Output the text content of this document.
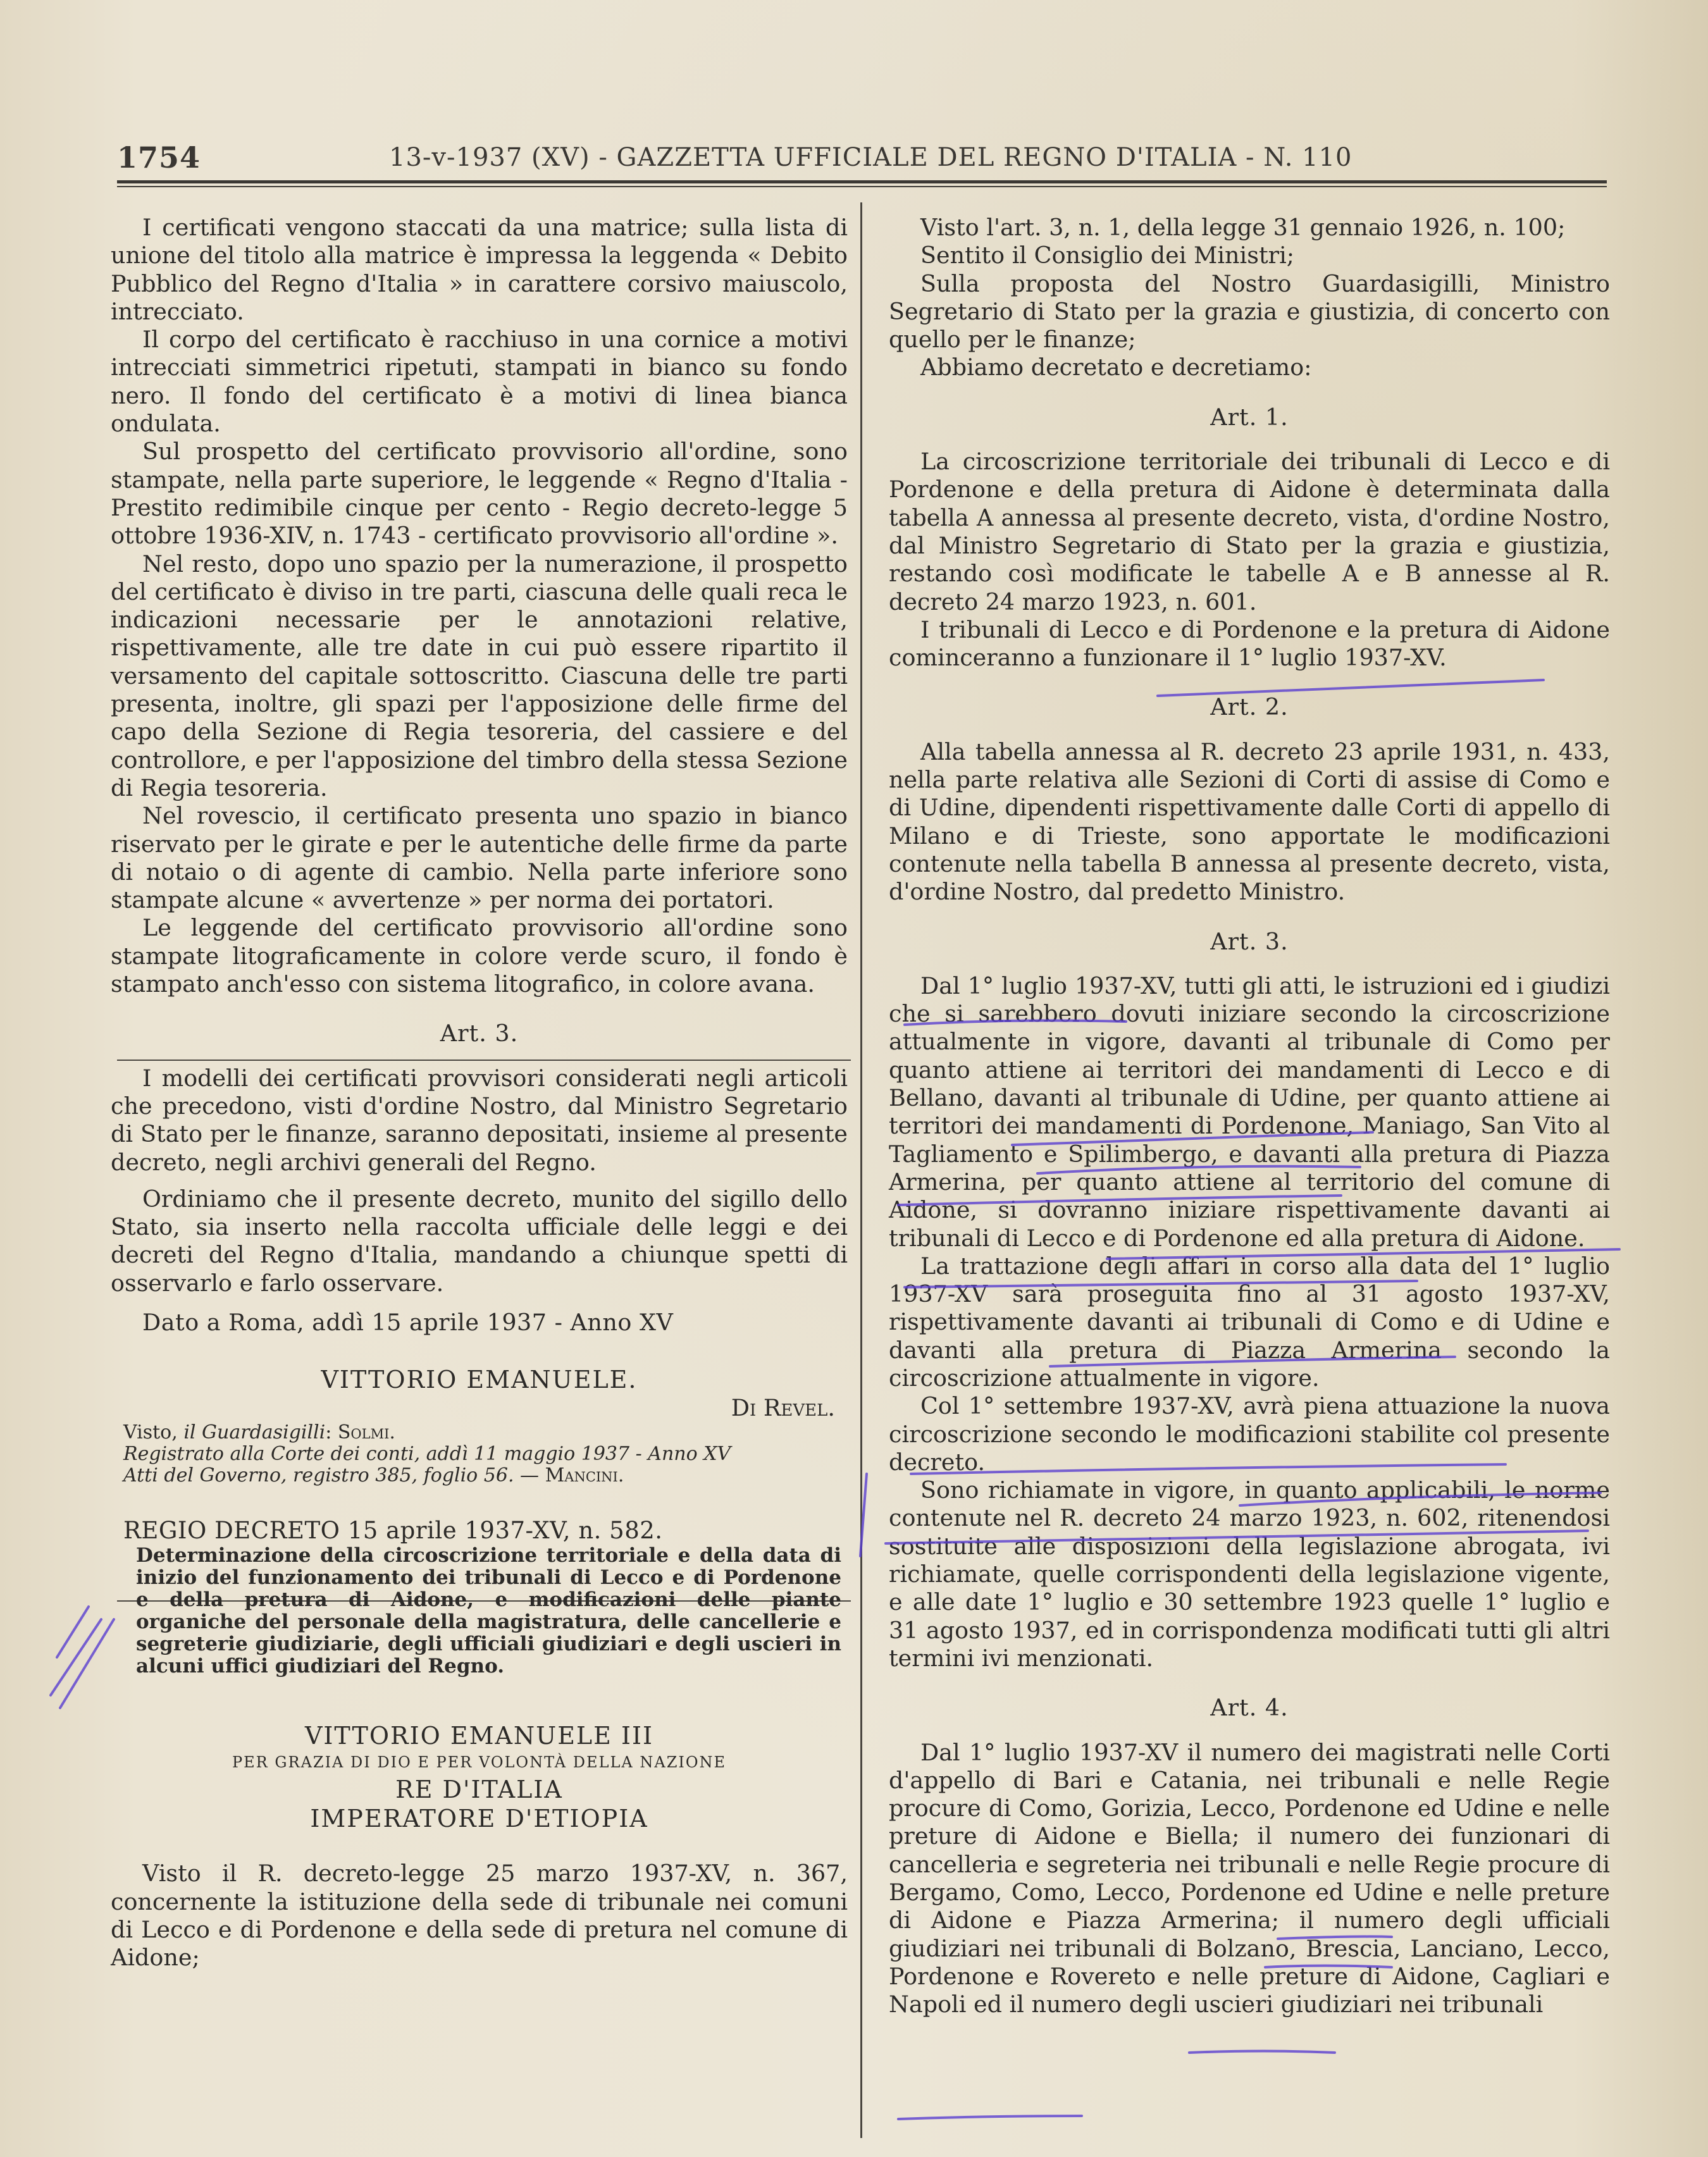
1754	13-v-1937 (XV) - GAZZETTA UFFICIALE DEL REGNO D'ITALIA - N. 110

I certificati vengono staccati da una matrice; sulla lista di unione del titolo alla matrice è impressa la leggenda « Debito Pubblico del Regno d'Italia » in carattere corsivo maiuscolo, intrecciato.

Il corpo del certificato è racchiuso in una cornice a motivi intrecciati simmetrici ripetuti, stampati in bianco su fondo nero. Il fondo del certificato è a motivi di linea bianca ondulata.

Sul prospetto del certificato provvisorio all'ordine, sono stampate, nella parte superiore, le leggende « Regno d'Italia - Prestito redimibile cinque per cento - Regio decreto-legge 5 ottobre 1936-XIV, n. 1743 - certificato provvisorio all'ordine ».

Nel resto, dopo uno spazio per la numerazione, il prospetto del certificato è diviso in tre parti, ciascuna delle quali reca le indicazioni necessarie per le annotazioni relative, rispettivamente, alle tre date in cui può essere ripartito il versamento del capitale sottoscritto. Ciascuna delle tre parti presenta, inoltre, gli spazi per l'apposizione delle firme del capo della Sezione di Regia tesoreria, del cassiere e del controllore, e per l'apposizione del timbro della stessa Sezione di Regia tesoreria.

Nel rovescio, il certificato presenta uno spazio in bianco riservato per le girate e per le autentiche delle firme da parte di notaio o di agente di cambio. Nella parte inferiore sono stampate alcune « avvertenze » per norma dei portatori.

Le leggende del certificato provvisorio all'ordine sono stampate litograficamente in colore verde scuro, il fondo è stampato anch'esso con sistema litografico, in colore avana.

Art. 3.

I modelli dei certificati provvisori considerati negli articoli che precedono, visti d'ordine Nostro, dal Ministro Segretario di Stato per le finanze, saranno depositati, insieme al presente decreto, negli archivi generali del Regno.

Ordiniamo che il presente decreto, munito del sigillo dello Stato, sia inserto nella raccolta ufficiale delle leggi e dei decreti del Regno d'Italia, mandando a chiunque spetti di osservarlo e farlo osservare.

Dato a Roma, addì 15 aprile 1937 - Anno XV

VITTORIO EMANUELE.

Di Revel.

Visto, il Guardasigilli: Solmi.

Registrato alla Corte dei conti, addì 11 maggio 1937 - Anno XV

Atti del Governo, registro 385, foglio 56. — Mancini.

REGIO DECRETO 15 aprile 1937-XV, n. 582.

Determinazione della circoscrizione territoriale e della data di inizio del funzionamento dei tribunali di Lecco e di Pordenone e della pretura di Aidone, e modificazioni delle piante organiche del personale della magistratura, delle cancellerie e segreterie giudiziarie, degli ufficiali giudiziari e degli uscieri in alcuni uffici giudiziari del Regno.

VITTORIO EMANUELE III

PER GRAZIA DI DIO E PER VOLONTÀ DELLA NAZIONE

RE D'ITALIA

IMPERATORE D'ETIOPIA

Visto il R. decreto-legge 25 marzo 1937-XV, n. 367, concernente la istituzione della sede di tribunale nei comuni di Lecco e di Pordenone e della sede di pretura nel comune di Aidone;

Visto l'art. 3, n. 1, della legge 31 gennaio 1926, n. 100;

Sentito il Consiglio dei Ministri;

Sulla proposta del Nostro Guardasigilli, Ministro Segretario di Stato per la grazia e giustizia, di concerto con quello per le finanze;

Abbiamo decretato e decretiamo:

Art. 1.

La circoscrizione territoriale dei tribunali di Lecco e di Pordenone e della pretura di Aidone è determinata dalla tabella A annessa al presente decreto, vista, d'ordine Nostro, dal Ministro Segretario di Stato per la grazia e giustizia, restando così modificate le tabelle A e B annesse al R. decreto 24 marzo 1923, n. 601.

I tribunali di Lecco e di Pordenone e la pretura di Aidone cominceranno a funzionare il 1° luglio 1937-XV.

Art. 2.

Alla tabella annessa al R. decreto 23 aprile 1931, n. 433, nella parte relativa alle Sezioni di Corti di assise di Como e di Udine, dipendenti rispettivamente dalle Corti di appello di Milano e di Trieste, sono apportate le modificazioni contenute nella tabella B annessa al presente decreto, vista, d'ordine Nostro, dal predetto Ministro.

Art. 3.

Dal 1° luglio 1937-XV, tutti gli atti, le istruzioni ed i giudizi che si sarebbero dovuti iniziare secondo la circoscrizione attualmente in vigore, davanti al tribunale di Como per quanto attiene ai territori dei mandamenti di Lecco e di Bellano, davanti al tribunale di Udine, per quanto attiene ai territori dei mandamenti di Pordenone, Maniago, San Vito al Tagliamento e Spilimbergo, e davanti alla pretura di Piazza Armerina, per quanto attiene al territorio del comune di Aidone, si dovranno iniziare rispettivamente davanti ai tribunali di Lecco e di Pordenone ed alla pretura di Aidone.

La trattazione degli affari in corso alla data del 1° luglio 1937-XV sarà proseguita fino al 31 agosto 1937-XV, rispettivamente davanti ai tribunali di Como e di Udine e davanti alla pretura di Piazza Armerina secondo la circoscrizione attualmente in vigore.

Col 1° settembre 1937-XV, avrà piena attuazione la nuova circoscrizione secondo le modificazioni stabilite col presente decreto.

Sono richiamate in vigore, in quanto applicabili, le norme contenute nel R. decreto 24 marzo 1923, n. 602, ritenendosi sostituite alle disposizioni della legislazione abrogata, ivi richiamate, quelle corrispondenti della legislazione vigente, e alle date 1° luglio e 30 settembre 1923 quelle 1° luglio e 31 agosto 1937, ed in corrispondenza modificati tutti gli altri termini ivi menzionati.

Art. 4.

Dal 1° luglio 1937-XV il numero dei magistrati nelle Corti d'appello di Bari e Catania, nei tribunali e nelle Regie procure di Como, Gorizia, Lecco, Pordenone ed Udine e nelle preture di Aidone e Biella; il numero dei funzionari di cancelleria e segreteria nei tribunali e nelle Regie procure di Bergamo, Como, Lecco, Pordenone ed Udine e nelle preture di Aidone e Piazza Armerina; il numero degli ufficiali giudiziari nei tribunali di Bolzano, Brescia, Lanciano, Lecco, Pordenone e Rovereto e nelle preture di Aidone, Cagliari e Napoli ed il numero degli uscieri giudiziari nei tribunali
